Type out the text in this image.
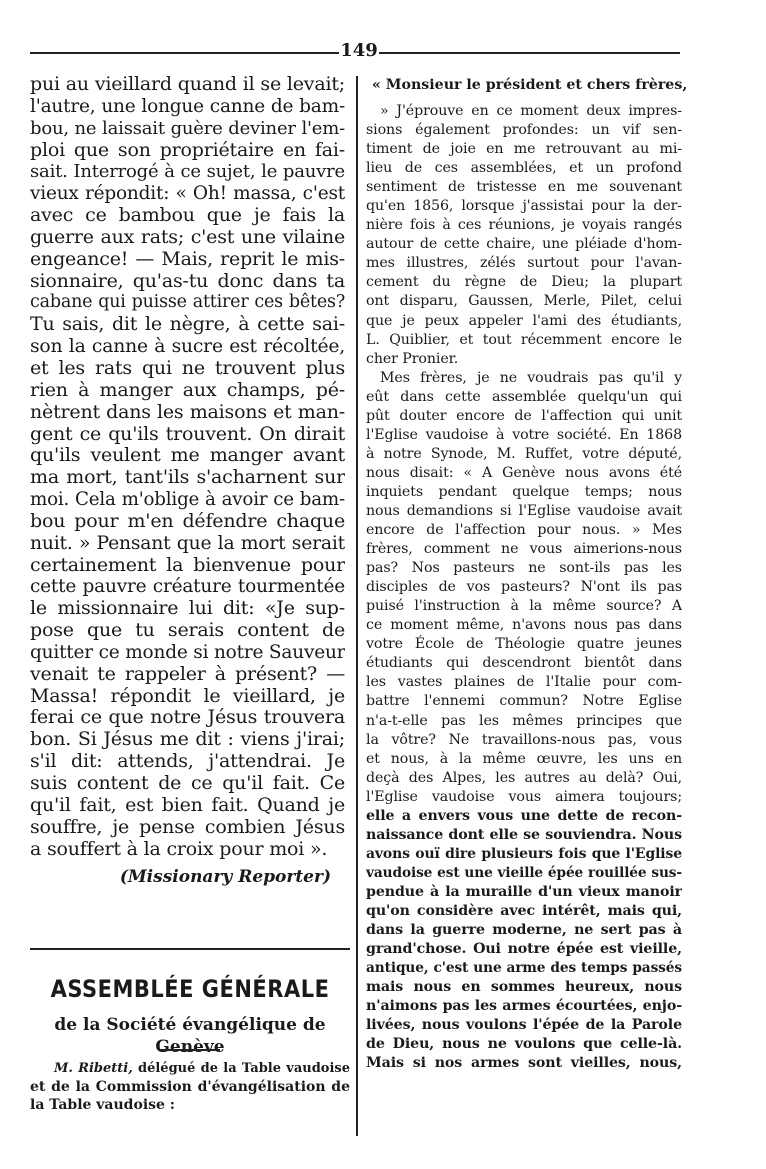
149
pui au vieillard quand il se levait;
l'autre, une longue canne de bam-
bou, ne laissait guère deviner l'em-
ploi que son propriétaire en fai-
sait. Interrogé à ce sujet, le pauvre
vieux répondit: « Oh! massa, c'est
avec ce bambou que je fais la
guerre aux rats; c'est une vilaine
engeance! — Mais, reprit le mis-
sionnaire, qu'as-tu donc dans ta
cabane qui puisse attirer ces bêtes?
Tu sais, dit le nègre, à cette sai-
son la canne à sucre est récoltée,
et les rats qui ne trouvent plus
rien à manger aux champs, pé-
nètrent dans les maisons et man-
gent ce qu'ils trouvent. On dirait
qu'ils veulent me manger avant
ma mort, tant'ils s'acharnent sur
moi. Cela m'oblige à avoir ce bam-
bou pour m'en défendre chaque
nuit. » Pensant que la mort serait
certainement la bienvenue pour
cette pauvre créature tourmentée
le missionnaire lui dit: «Je sup-
pose que tu serais content de
quitter ce monde si notre Sauveur
venait te rappeler à présent? —
Massa! répondit le vieillard, je
ferai ce que notre Jésus trouvera
bon. Si Jésus me dit : viens j'irai;
s'il dit: attends, j'attendrai. Je
suis content de ce qu'il fait. Ce
qu'il fait, est bien fait. Quand je
souffre, je pense combien Jésus
a souffert à la croix pour moi ».
(Missionary Reporter)
ASSEMBLÉE GÉNÉRALE
de la Société évangélique de Genève
M. Ribetti, délégué de la Table vaudoise
et de la Commission d'évangélisation de
la Table vaudoise :
« Monsieur le président et chers frères,
» J'éprouve en ce moment deux impres-
sions également profondes: un vif sen-
timent de joie en me retrouvant au mi-
lieu de ces assemblées, et un profond
sentiment de tristesse en me souvenant
qu'en 1856, lorsque j'assistai pour la der-
nière fois à ces réunions, je voyais rangés
autour de cette chaire, une pléiade d'hom-
mes illustres, zélés surtout pour l'avan-
cement du règne de Dieu; la plupart
ont disparu, Gaussen, Merle, Pilet, celui
que je peux appeler l'ami des étudiants,
L. Quiblier, et tout récemment encore le
cher Pronier.
Mes frères, je ne voudrais pas qu'il y
eût dans cette assemblée quelqu'un qui
pût douter encore de l'affection qui unit
l'Eglise vaudoise à votre société. En 1868
à notre Synode, M. Ruffet, votre député,
nous disait: « A Genève nous avons été
inquiets pendant quelque temps; nous
nous demandions si l'Eglise vaudoise avait
encore de l'affection pour nous. » Mes
frères, comment ne vous aimerions-nous
pas? Nos pasteurs ne sont-ils pas les
disciples de vos pasteurs? N'ont ils pas
puisé l'instruction à la même source? A
ce moment même, n'avons nous pas dans
votre École de Théologie quatre jeunes
étudiants qui descendront bientôt dans
les vastes plaines de l'Italie pour com-
battre l'ennemi commun? Notre Eglise
n'a-t-elle pas les mêmes principes que
la vôtre? Ne travaillons-nous pas, vous
et nous, à la même œuvre, les uns en
deçà des Alpes, les autres au delà? Oui,
l'Eglise vaudoise vous aimera toujours;
elle a envers vous une dette de recon-
naissance dont elle se souviendra. Nous
avons ouï dire plusieurs fois que l'Eglise
vaudoise est une vieille épée rouillée sus-
pendue à la muraille d'un vieux manoir
qu'on considère avec intérêt, mais qui,
dans la guerre moderne, ne sert pas à
grand'chose. Oui notre épée est vieille,
antique, c'est une arme des temps passés
mais nous en sommes heureux, nous
n'aimons pas les armes écourtées, enjo-
livées, nous voulons l'épée de la Parole
de Dieu, nous ne voulons que celle-là.
Mais si nos armes sont vieilles, nous,
